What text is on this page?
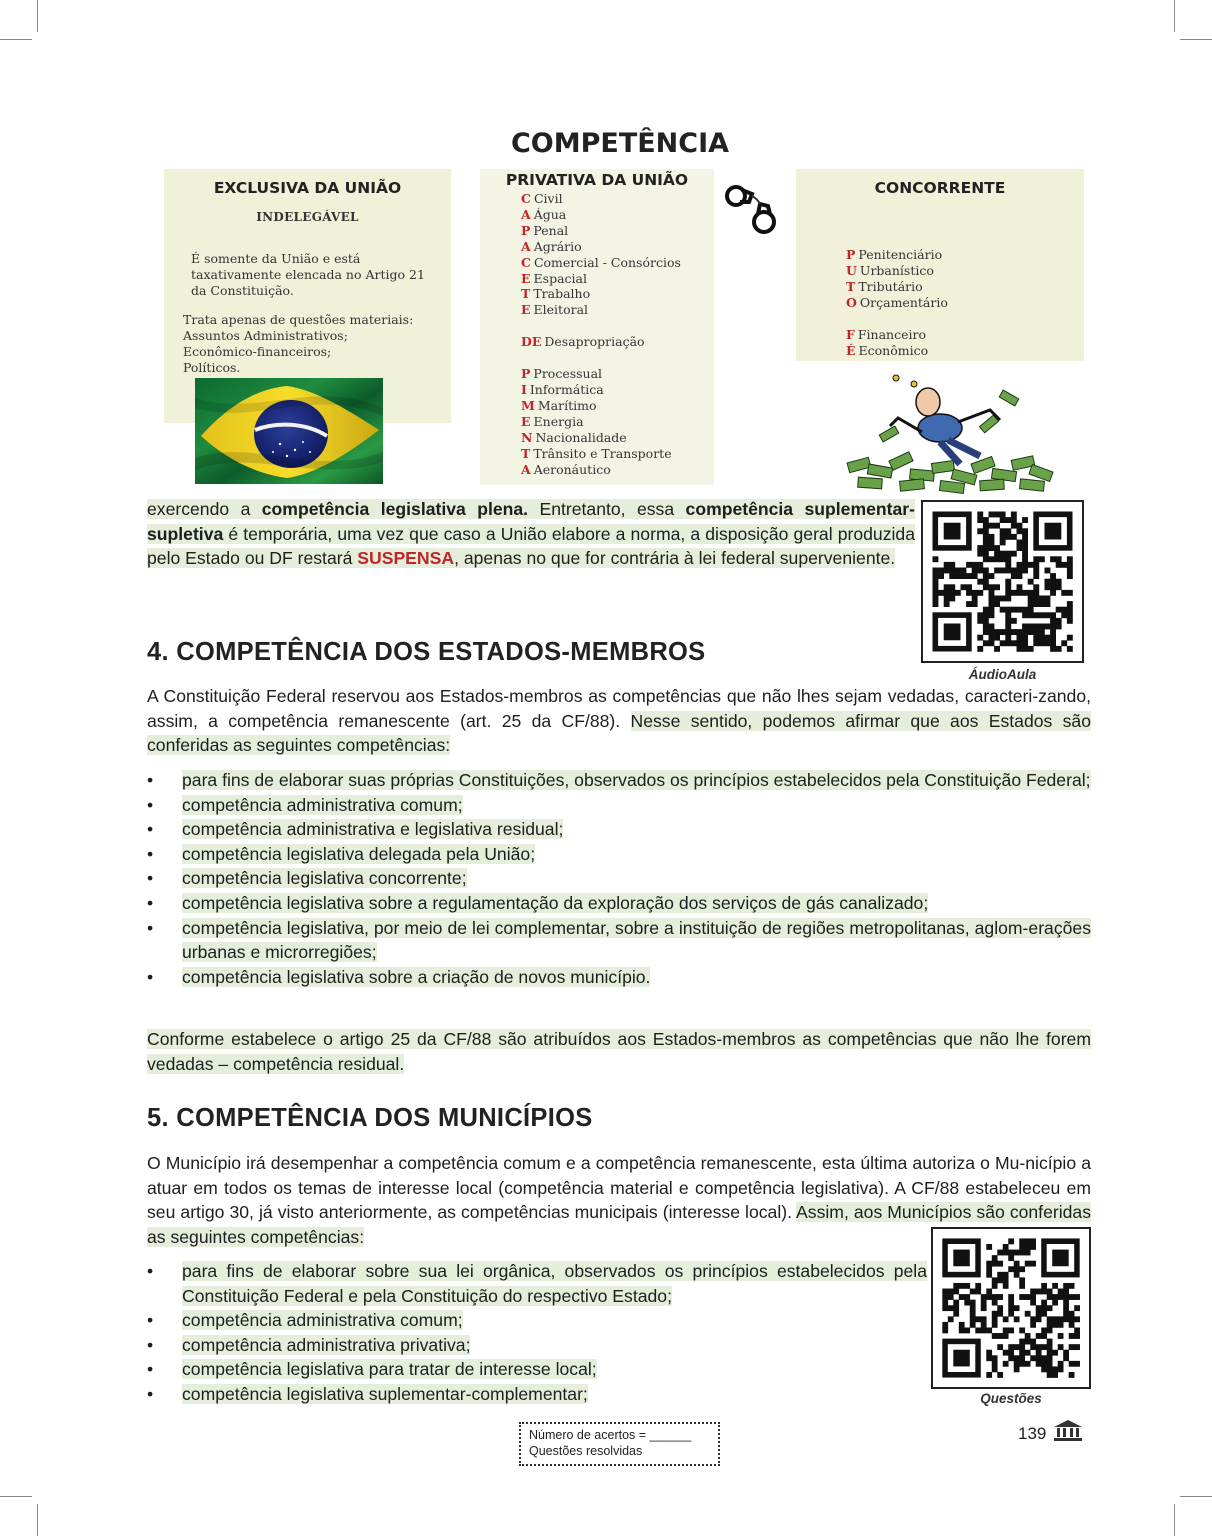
COMPETÊNCIA
EXCLUSIVA DA UNIÃO
INDELEGÁVEL
É somente da União e está taxativamente elencada no Artigo 21 da Constituição.
Trata apenas de questões materiais:
Assuntos Administrativos;
Econômico-financeiros;
Políticos.
PRIVATIVA DA UNIÃO
C Civil
A Água
P Penal
A Agrário
C Comercial - Consórcios
E Espacial
T Trabalho
E Eleitoral
DE Desapropriação
P Processual
I Informática
M Marítimo
E Energia
N Nacionalidade
T Trânsito e Transporte
A Aeronáutico
CONCORRENTE
P Penitenciário
U Urbanístico
T Tributário
O Orçamentário
F Financeiro
É Econômico
exercendo a competência legislativa plena. Entretanto, essa competência suplementar-supletiva é temporária, uma vez que caso a União elabore a norma, a disposição geral produzida pelo Estado ou DF restará SUSPENSA, apenas no que for contrária à lei federal superveniente.
ÁudioAula
4. COMPETÊNCIA DOS ESTADOS-MEMBROS
A Constituição Federal reservou aos Estados-membros as competências que não lhes sejam vedadas, caracteri-zando, assim, a competência remanescente (art. 25 da CF/88). Nesse sentido, podemos afirmar que aos Estados são conferidas as seguintes competências:
• para fins de elaborar suas próprias Constituições, observados os princípios estabelecidos pela Constituição Federal;
• competência administrativa comum;
• competência administrativa e legislativa residual;
• competência legislativa delegada pela União;
• competência legislativa concorrente;
• competência legislativa sobre a regulamentação da exploração dos serviços de gás canalizado;
• competência legislativa, por meio de lei complementar, sobre a instituição de regiões metropolitanas, aglom-erações urbanas e microrregiões;
• competência legislativa sobre a criação de novos município.
Conforme estabelece o artigo 25 da CF/88 são atribuídos aos Estados-membros as competências que não lhe forem vedadas – competência residual.
5. COMPETÊNCIA DOS MUNICÍPIOS
O Município irá desempenhar a competência comum e a competência remanescente, esta última autoriza o Mu-nicípio a atuar em todos os temas de interesse local (competência material e competência legislativa). A CF/88 estabeleceu em seu artigo 30, já visto anteriormente, as competências municipais (interesse local). Assim, aos Municípios são conferidas as seguintes competências:
• para fins de elaborar sobre sua lei orgânica, observados os princípios estabelecidos pela Constituição Federal e pela Constituição do respectivo Estado;
• competência administrativa comum;
• competência administrativa privativa;
• competência legislativa para tratar de interesse local;
• competência legislativa suplementar-complementar;	Questões
Número de acertos = ______
Questões resolvidas
139
